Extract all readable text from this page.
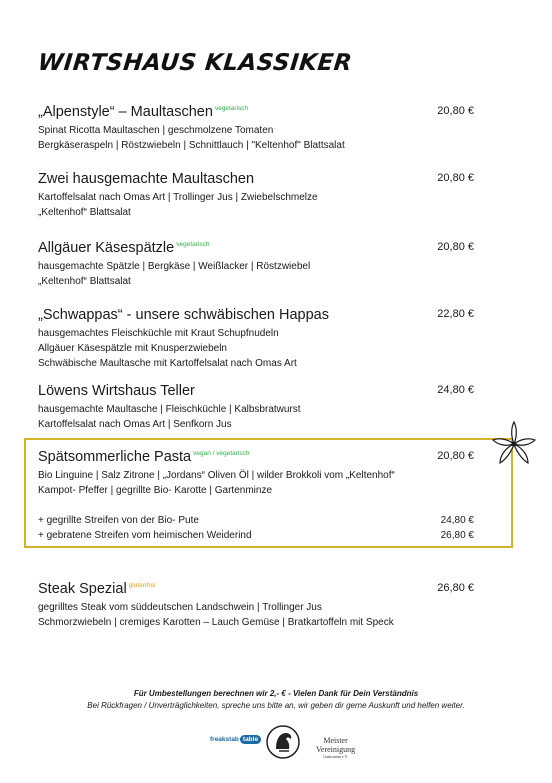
WIRTSHAUS KLASSIKER
„Alpenstyle“ – Maultaschen $^{vegetarisch}$	20,80 €
Spinat Ricotta Maultaschen | geschmolzene Tomaten
Bergkäseraspeln | Röstzwiebeln | Schnittlauch | "Keltenhof" Blattsalat
Zwei hausgemachte Maultaschen	20,80 €
Kartoffelsalat nach Omas Art | Trollinger Jus | Zwiebelschmelze
„Keltenhof“ Blattsalat
Allgäuer Käsespätzle $^{vegetarisch}$	20,80 €
hausgemachte Spätzle | Bergkäse | Weißlacker | Röstzwiebel
„Keltenhof“ Blattsalat
„Schwappas“ - unsere schwäbischen Happas	22,80 €
hausgemachtes Fleischküchle mit Kraut Schupfnudeln
Allgäuer Käsespätzle mit Knusperzwiebeln
Schwäbische Maultasche mit Kartoffelsalat nach Omas Art
Löwens Wirtshaus Teller	24,80 €
hausgemachte Maultasche | Fleischküchle | Kalbsbratwurst
Kartoffelsalat nach Omas Art | Senfkorn Jus
Spätsommerliche Pasta $^{vegan / vegetarisch}$	20,80 €
Bio Linguine | Salz Zitrone | „Jordans“ Oliven Öl | wilder Brokkoli vom „Keltenhof“
Kampot- Pfeffer | gegrillte Bio- Karotte | Gartenminze
+ gegrillte Streifen von der Bio- Pute	24,80 €
+ gebratene Streifen vom heimischen Weiderind	26,80 €
Steak Spezial $^{glutenfrei}$	26,80 €
gegrilltes Steak vom süddeutschen Landschwein | Trollinger Jus
Schmorzwiebeln | cremiges Karotten – Lauch Gemüse | Bratkartoffeln mit Speck
Für Umbestellungen berechnen wir 2,- € - Vielen Dank für Dein Verständnis
Bei Rückfragen / Unverträglichkeiten, spreche uns bitte an, wir geben dir gerne Auskunft und helfen weiter.
freakstab table	Meister
Vereinigung
Gastronom e.V.
